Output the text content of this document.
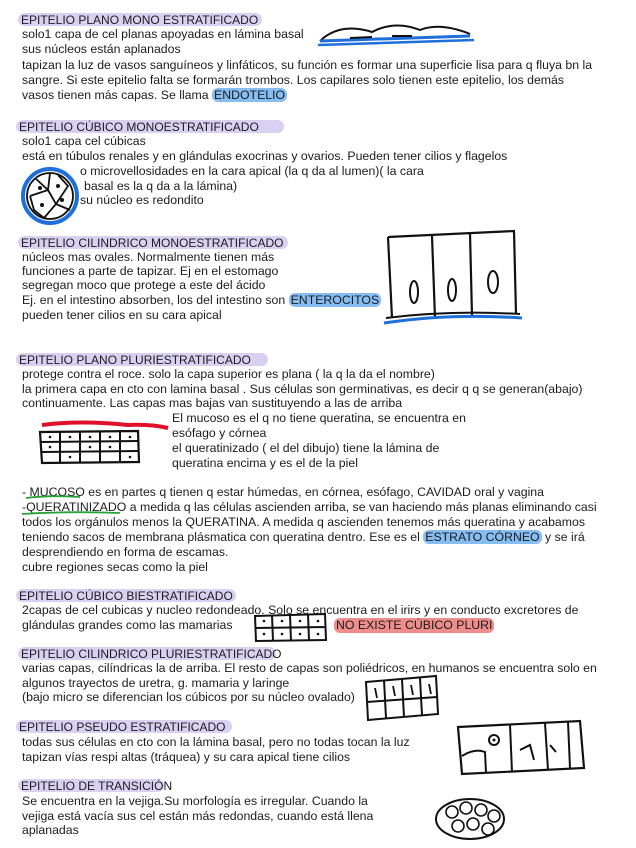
EPITELIO PLANO MONO ESTRATIFICADO
solo1 capa de cel planas apoyadas en lámina basal
sus núcleos están aplanados
tapizan la luz de vasos sanguíneos y linfáticos, su función es formar una superficie lisa para q fluya bn la
sangre. Si este epitelio falta se formarán trombos. Los capilares solo tienen este epitelio, los demás
vasos tienen más capas. Se llama ENDOTELIO
EPITELIO CÚBICO MONOESTRATIFICADO
solo1 capa cel cúbicas
está en túbulos renales y en glándulas exocrinas y ovarios. Pueden tener cilios y flagelos
o microvellosidades en la cara apical (la q da al lumen)( la cara
basal es la q da a la lámina)
su núcleo es redondito
EPITELIO CILINDRICO MONOESTRATIFICADO
núcleos mas ovales. Normalmente tienen más
funciones a parte de tapizar. Ej en el estomago
segregan moco que protege a este del ácido
Ej. en el intestino absorben, los del intestino son ENTEROCITOS
pueden tener cilios en su cara apical
EPITELIO PLANO PLURIESTRATIFICADO
protege contra el roce. solo la capa superior es plana ( la q la da el nombre)
la primera capa en cto con lamina basal . Sus células son germinativas, es decir q q se generan(abajo)
continuamente. Las capas mas bajas van sustituyendo a las de arriba
El mucoso es el q no tiene queratina, se encuentra en
esófago y córnea
el queratinizado ( el del dibujo) tiene la lámina de
queratina encima y es el de la piel
- MUCOSO es en partes q tienen q estar húmedas, en córnea, esófago, CAVIDAD oral y vagina
-QUERATINIZADO a medida q las células ascienden arriba, se van haciendo más planas eliminando casi
todos los orgánulos menos la QUERATINA. A medida q ascienden tenemos más queratina y acabamos
teniendo sacos de membrana plásmatica con queratina dentro. Ese es el ESTRATO CÓRNEO y se irá
desprendiendo en forma de escamas.
cubre regiones secas como la piel
EPITELIO CÚBICO BIESTRATIFICADO
2capas de cel cubicas y nucleo redondeado. Solo se encuentra en el irirs y en conducto excretores de
glándulas grandes como las mamarias	NO EXISTE CÚBICO PLURI
EPITELIO CILINDRICO PLURIESTRATIFICADO
varias capas, cilíndricas la de arriba. El resto de capas son poliédricos, en humanos se encuentra solo en
algunos trayectos de uretra, g. mamaria y laringe
(bajo micro se diferencian los cúbicos por su núcleo ovalado)
EPITELIO PSEUDO ESTRATIFICADO
todas sus células en cto con la lámina basal, pero no todas tocan la luz
tapizan vías respi altas (tráquea) y su cara apical tiene cilios
EPITELIO DE TRANSICIÓN
Se encuentra en la vejiga.Su morfología es irregular. Cuando la
vejiga está vacía sus cel están más redondas, cuando está llena
aplanadas
